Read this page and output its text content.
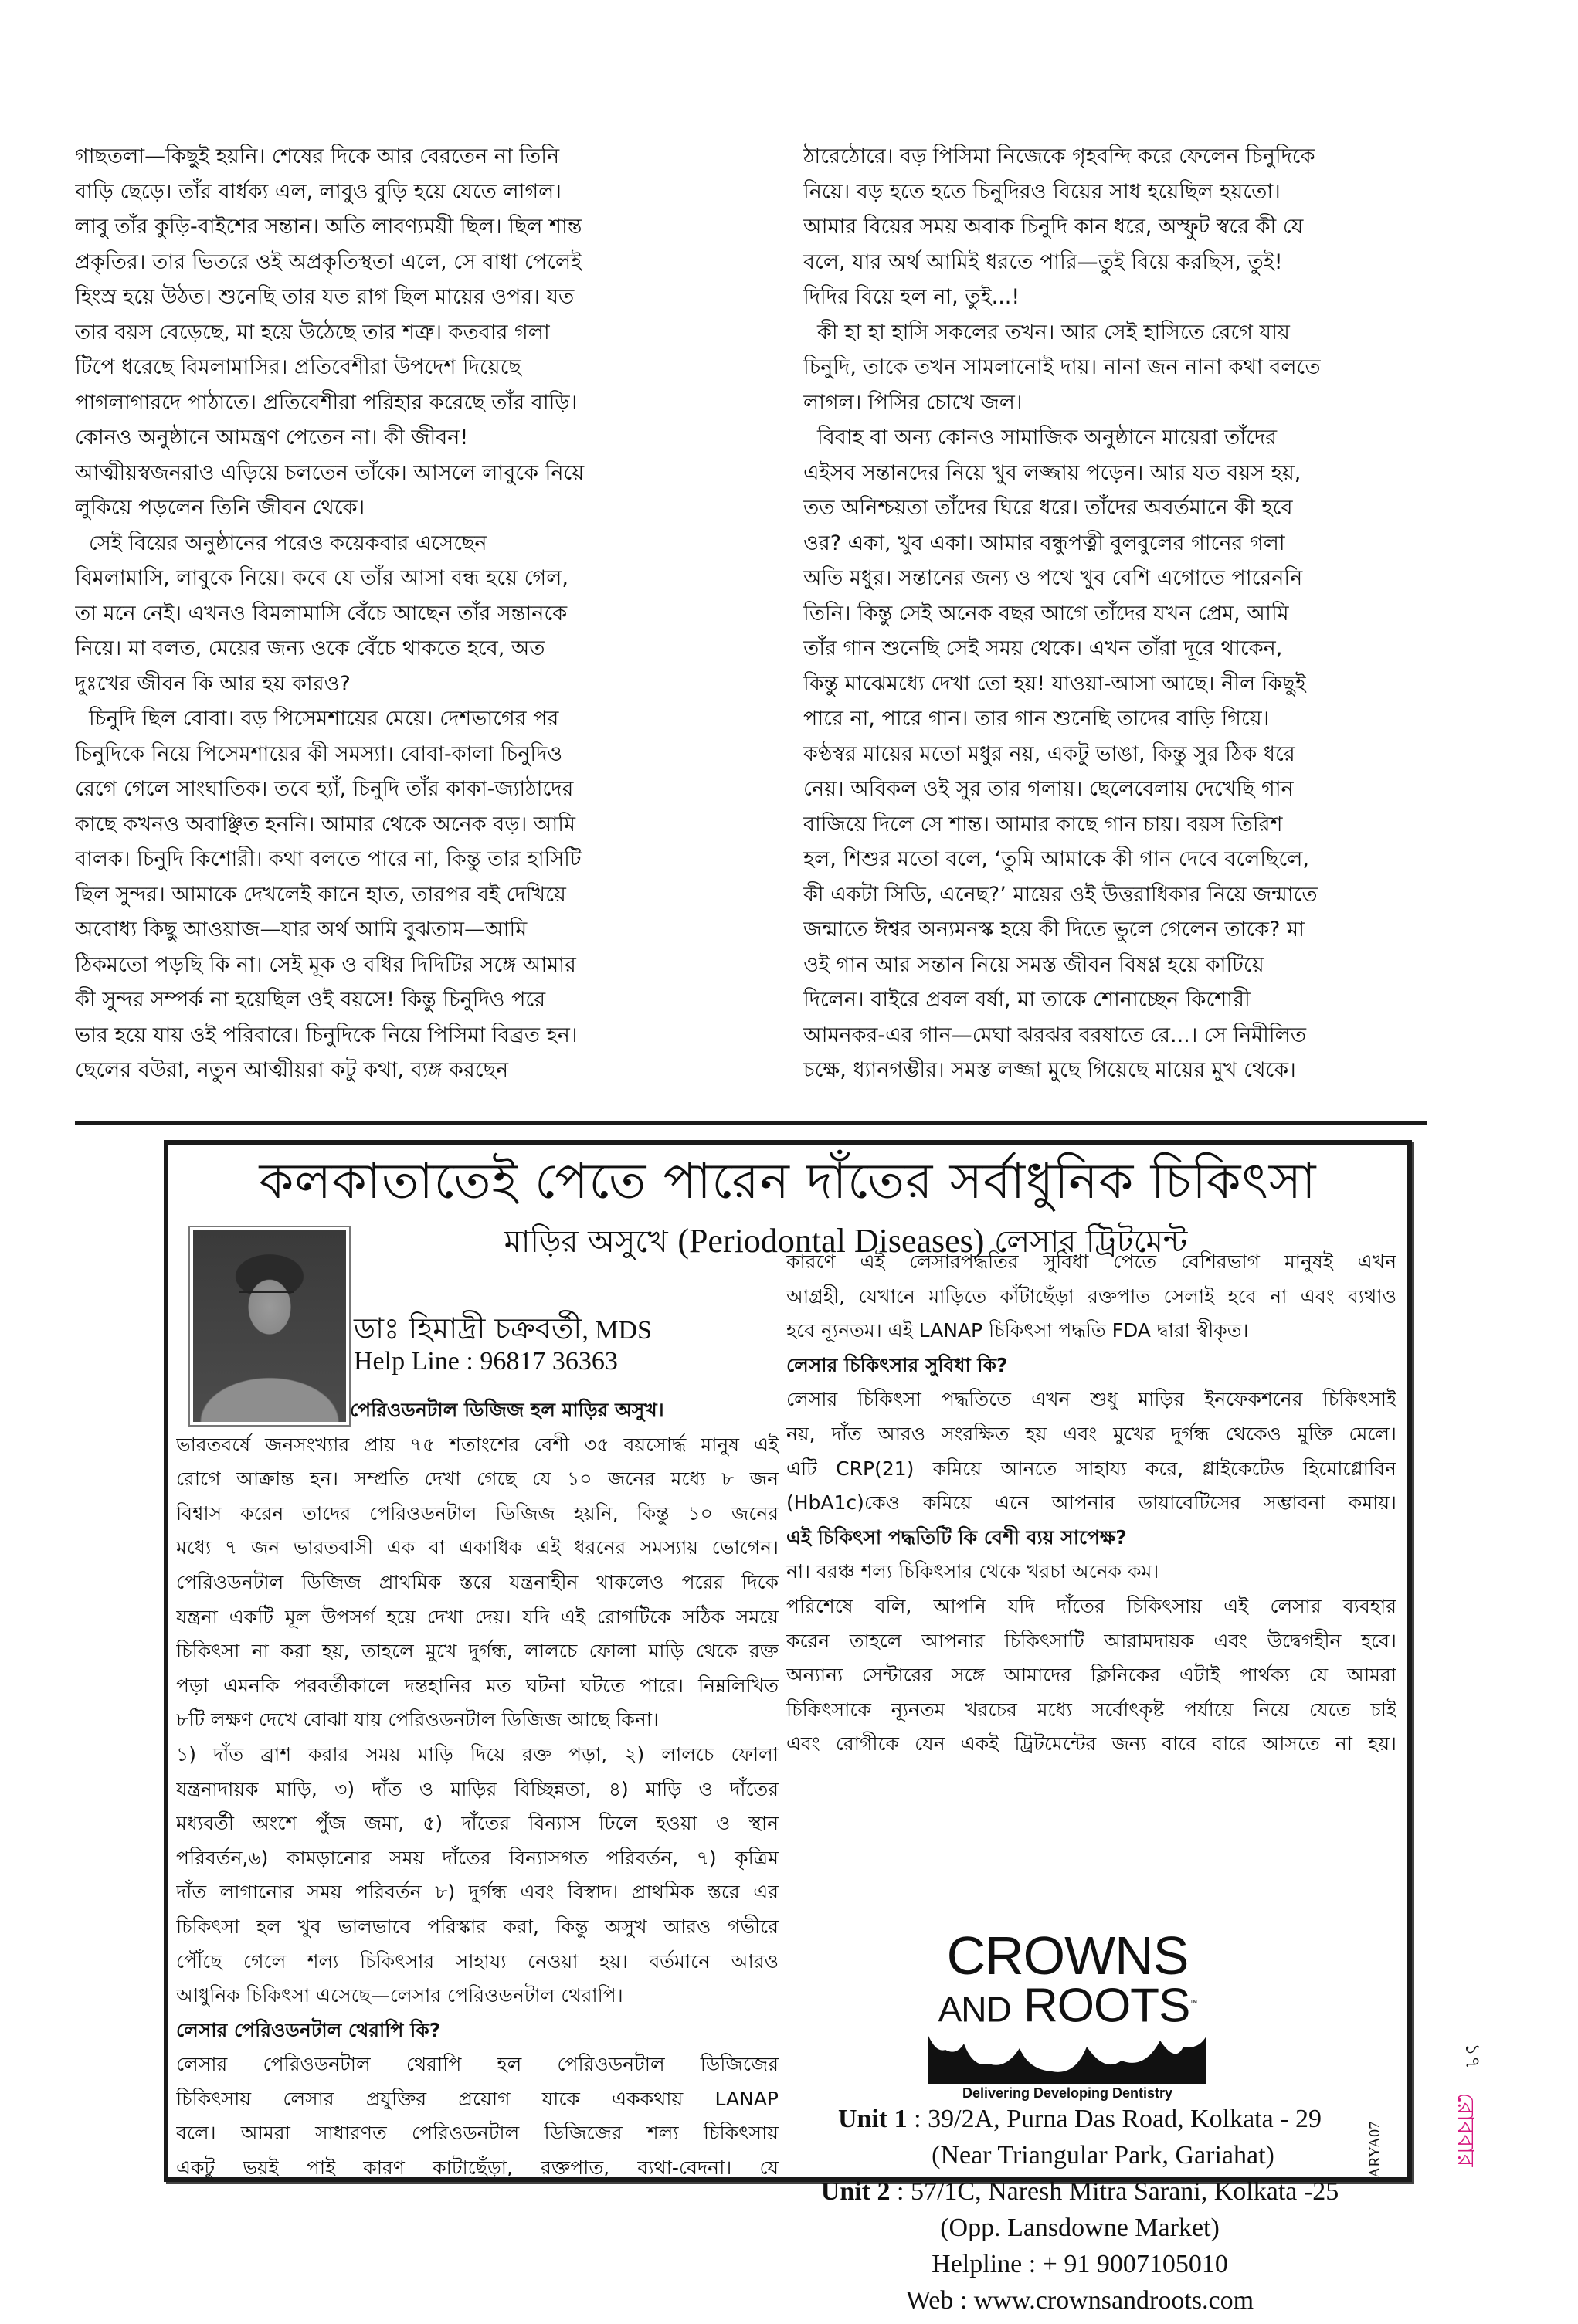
গাছতলা—কিছুই হয়নি। শেষের দিকে আর বেরতেন না তিনি
বাড়ি ছেড়ে। তাঁর বার্ধক্য এল, লাবুও বুড়ি হয়ে যেতে লাগল।
লাবু তাঁর কুড়ি-বাইশের সন্তান। অতি লাবণ্যময়ী ছিল। ছিল শান্ত
প্রকৃতির। তার ভিতরে ওই অপ্রকৃতিস্থতা এলে, সে বাধা পেলেই
হিংস্র হয়ে উঠত। শুনেছি তার যত রাগ ছিল মায়ের ওপর। যত
তার বয়স বেড়েছে, মা হয়ে উঠেছে তার শত্রু। কতবার গলা
টিপে ধরেছে বিমলামাসির। প্রতিবেশীরা উপদেশ দিয়েছে
পাগলাগারদে পাঠাতে। প্রতিবেশীরা পরিহার করেছে তাঁর বাড়ি।
কোনও অনুষ্ঠানে আমন্ত্রণ পেতেন না। কী জীবন!
আত্মীয়স্বজনরাও এড়িয়ে চলতেন তাঁকে। আসলে লাবুকে নিয়ে
লুকিয়ে পড়লেন তিনি জীবন থেকে।
সেই বিয়ের অনুষ্ঠানের পরেও কয়েকবার এসেছেন
বিমলামাসি, লাবুকে নিয়ে। কবে যে তাঁর আসা বন্ধ হয়ে গেল,
তা মনে নেই। এখনও বিমলামাসি বেঁচে আছেন তাঁর সন্তানকে
নিয়ে। মা বলত, মেয়ের জন্য ওকে বেঁচে থাকতে হবে, অত
দুঃখের জীবন কি আর হয় কারও?
চিনুদি ছিল বোবা। বড় পিসেমশায়ের মেয়ে। দেশভাগের পর
চিনুদিকে নিয়ে পিসেমশায়ের কী সমস্যা। বোবা-কালা চিনুদিও
রেগে গেলে সাংঘাতিক। তবে হ্যাঁ, চিনুদি তাঁর কাকা-জ্যাঠাদের
কাছে কখনও অবাঞ্ছিত হননি। আমার থেকে অনেক বড়। আমি
বালক। চিনুদি কিশোরী। কথা বলতে পারে না, কিন্তু তার হাসিটি
ছিল সুন্দর। আমাকে দেখলেই কানে হাত, তারপর বই দেখিয়ে
অবোধ্য কিছু আওয়াজ—যার অর্থ আমি বুঝতাম—আমি
ঠিকমতো পড়ছি কি না। সেই মূক ও বধির দিদিটির সঙ্গে আমার
কী সুন্দর সম্পর্ক না হয়েছিল ওই বয়সে! কিন্তু চিনুদিও পরে
ভার হয়ে যায় ওই পরিবারে। চিনুদিকে নিয়ে পিসিমা বিব্রত হন।
ছেলের বউরা, নতুন আত্মীয়রা কটু কথা, ব্যঙ্গ করছেন
ঠারেঠোরে। বড় পিসিমা নিজেকে গৃহবন্দি করে ফেলেন চিনুদিকে
নিয়ে। বড় হতে হতে চিনুদিরও বিয়ের সাধ হয়েছিল হয়তো।
আমার বিয়ের সময় অবাক চিনুদি কান ধরে, অস্ফুট স্বরে কী যে
বলে, যার অর্থ আমিই ধরতে পারি—তুই বিয়ে করছিস, তুই!
দিদির বিয়ে হল না, তুই...!
কী হা হা হাসি সকলের তখন। আর সেই হাসিতে রেগে যায়
চিনুদি, তাকে তখন সামলানোই দায়। নানা জন নানা কথা বলতে
লাগল। পিসির চোখে জল।
বিবাহ বা অন্য কোনও সামাজিক অনুষ্ঠানে মায়েরা তাঁদের
এইসব সন্তানদের নিয়ে খুব লজ্জায় পড়েন। আর যত বয়স হয়,
তত অনিশ্চয়তা তাঁদের ঘিরে ধরে। তাঁদের অবর্তমানে কী হবে
ওর? একা, খুব একা। আমার বন্ধুপত্নী বুলবুলের গানের গলা
অতি মধুর। সন্তানের জন্য ও পথে খুব বেশি এগোতে পারেননি
তিনি। কিন্তু সেই অনেক বছর আগে তাঁদের যখন প্রেম, আমি
তাঁর গান শুনেছি সেই সময় থেকে। এখন তাঁরা দূরে থাকেন,
কিন্তু মাঝেমধ্যে দেখা তো হয়! যাওয়া-আসা আছে। নীল কিছুই
পারে না, পারে গান। তার গান শুনেছি তাদের বাড়ি গিয়ে।
কণ্ঠস্বর মায়ের মতো মধুর নয়, একটু ভাঙা, কিন্তু সুর ঠিক ধরে
নেয়। অবিকল ওই সুর তার গলায়। ছেলেবেলায় দেখেছি গান
বাজিয়ে দিলে সে শান্ত। আমার কাছে গান চায়। বয়স তিরিশ
হল, শিশুর মতো বলে, ‘তুমি আমাকে কী গান দেবে বলেছিলে,
কী একটা সিডি, এনেছ?’ মায়ের ওই উত্তরাধিকার নিয়ে জন্মাতে
জন্মাতে ঈশ্বর অন্যমনস্ক হয়ে কী দিতে ভুলে গেলেন তাকে? মা
ওই গান আর সন্তান নিয়ে সমস্ত জীবন বিষণ্ণ হয়ে কাটিয়ে
দিলেন। বাইরে প্রবল বর্ষা, মা তাকে শোনাচ্ছেন কিশোরী
আমনকর-এর গান—মেঘা ঝরঝর বরষাতে রে...। সে নিমীলিত
চক্ষে, ধ্যানগম্ভীর। সমস্ত লজ্জা মুছে গিয়েছে মায়ের মুখ থেকে।
কলকাতাতেই পেতে পারেন দাঁতের সর্বাধুনিক চিকিৎসা
মাড়ির অসুখে (Periodontal Diseases) লেসার ট্রিটমেন্ট
ডাঃ হিমাদ্রী চক্রবর্তী, MDS
Help Line : 96817 36363
পেরিওডনটাল ডিজিজ হল মাড়ির অসুখ।
ভারতবর্ষে জনসংখ্যার প্রায় ৭৫ শতাংশের বেশী ৩৫ বয়সোর্দ্ধ মানুষ এই
রোগে আক্রান্ত হন। সম্প্রতি দেখা গেছে যে ১০ জনের মধ্যে ৮ জন
বিশ্বাস করেন তাদের পেরিওডনটাল ডিজিজ হয়নি, কিন্তু ১০ জনের
মধ্যে ৭ জন ভারতবাসী এক বা একাধিক এই ধরনের সমস্যায় ভোগেন।
পেরিওডনটাল ডিজিজ প্রাথমিক স্তরে যন্ত্রনাহীন থাকলেও পরের দিকে
যন্ত্রনা একটি মূল উপসর্গ হয়ে দেখা দেয়। যদি এই রোগটিকে সঠিক সময়ে
চিকিৎসা না করা হয়, তাহলে মুখে দুর্গন্ধ, লালচে ফোলা মাড়ি থেকে রক্ত
পড়া এমনকি পরবর্তীকালে দন্তহানির মত ঘটনা ঘটতে পারে। নিম্নলিখিত
৮টি লক্ষণ দেখে বোঝা যায় পেরিওডনটাল ডিজিজ আছে কিনা।
১) দাঁত ব্রাশ করার সময় মাড়ি দিয়ে রক্ত পড়া, ২) লালচে ফোলা
যন্ত্রনাদায়ক মাড়ি, ৩) দাঁত ও মাড়ির বিচ্ছিন্নতা, ৪) মাড়ি ও দাঁতের
মধ্যবর্তী অংশে পুঁজ জমা, ৫) দাঁতের বিন্যাস ঢিলে হওয়া ও স্থান
পরিবর্তন,৬) কামড়ানোর সময় দাঁতের বিন্যাসগত পরিবর্তন, ৭) কৃত্রিম
দাঁত লাগানোর সময় পরিবর্তন ৮) দুর্গন্ধ এবং বিস্বাদ। প্রাথমিক স্তরে এর
চিকিৎসা হল খুব ভালভাবে পরিস্কার করা, কিন্তু অসুখ আরও গভীরে
পৌঁছে গেলে শল্য চিকিৎসার সাহায্য নেওয়া হয়। বর্তমানে আরও
আধুনিক চিকিৎসা এসেছে—লেসার পেরিওডনটাল থেরাপি।
লেসার পেরিওডনটাল থেরাপি কি?
লেসার পেরিওডনটাল থেরাপি হল পেরিওডনটাল ডিজিজের
চিকিৎসায় লেসার প্রযুক্তির প্রয়োগ যাকে এককথায় LANAP
বলে। আমরা সাধারণত পেরিওডনটাল ডিজিজের শল্য চিকিৎসায়
একটু ভয়ই পাই কারণ কাটাছেঁড়া, রক্তপাত, ব্যথা-বেদনা। যে
কারণে এই লেসারপদ্ধতির সুবিধা পেতে বেশিরভাগ মানুষই এখন
আগ্রহী, যেখানে মাড়িতে কাঁটাছেঁড়া রক্তপাত সেলাই হবে না এবং ব্যথাও
হবে ন্যূনতম। এই LANAP চিকিৎসা পদ্ধতি FDA দ্বারা স্বীকৃত।
লেসার চিকিৎসার সুবিধা কি?
লেসার চিকিৎসা পদ্ধতিতে এখন শুধু মাড়ির ইনফেকশনের চিকিৎসাই
নয়, দাঁত আরও সংরক্ষিত হয় এবং মুখের দুর্গন্ধ থেকেও মুক্তি মেলে।
এটি CRP(21) কমিয়ে আনতে সাহায্য করে, গ্লাইকেটেড হিমোগ্লোবিন
(HbA1c)কেও কমিয়ে এনে আপনার ডায়াবেটিসের সম্ভাবনা কমায়।
এই চিকিৎসা পদ্ধতিটি কি বেশী ব্যয় সাপেক্ষ?
না। বরঞ্চ শল্য চিকিৎসার থেকে খরচা অনেক কম।
পরিশেষে বলি, আপনি যদি দাঁতের চিকিৎসায় এই লেসার ব্যবহার
করেন তাহলে আপনার চিকিৎসাটি আরামদায়ক এবং উদ্বেগহীন হবে।
অন্যান্য সেন্টারের সঙ্গে আমাদের ক্লিনিকের এটাই পার্থক্য যে আমরা
চিকিৎসাকে ন্যূনতম খরচের মধ্যে সর্বোৎকৃষ্ট পর্যায়ে নিয়ে যেতে চাই
এবং রোগীকে যেন একই ট্রিটমেন্টের জন্য বারে বারে আসতে না হয়।
CROWNS
AND ROOTS™
Delivering Developing Dentistry
Unit 1 : 39/2A, Purna Das Road, Kolkata - 29
(Near Triangular Park, Gariahat)
Unit 2 : 57/1C, Naresh Mitra Sarani, Kolkata -25
(Opp. Lansdowne Market)
Helpline : + 91 9007105010
Web : www.crownsandroots.com
ARYA07
১৭
রোববার
